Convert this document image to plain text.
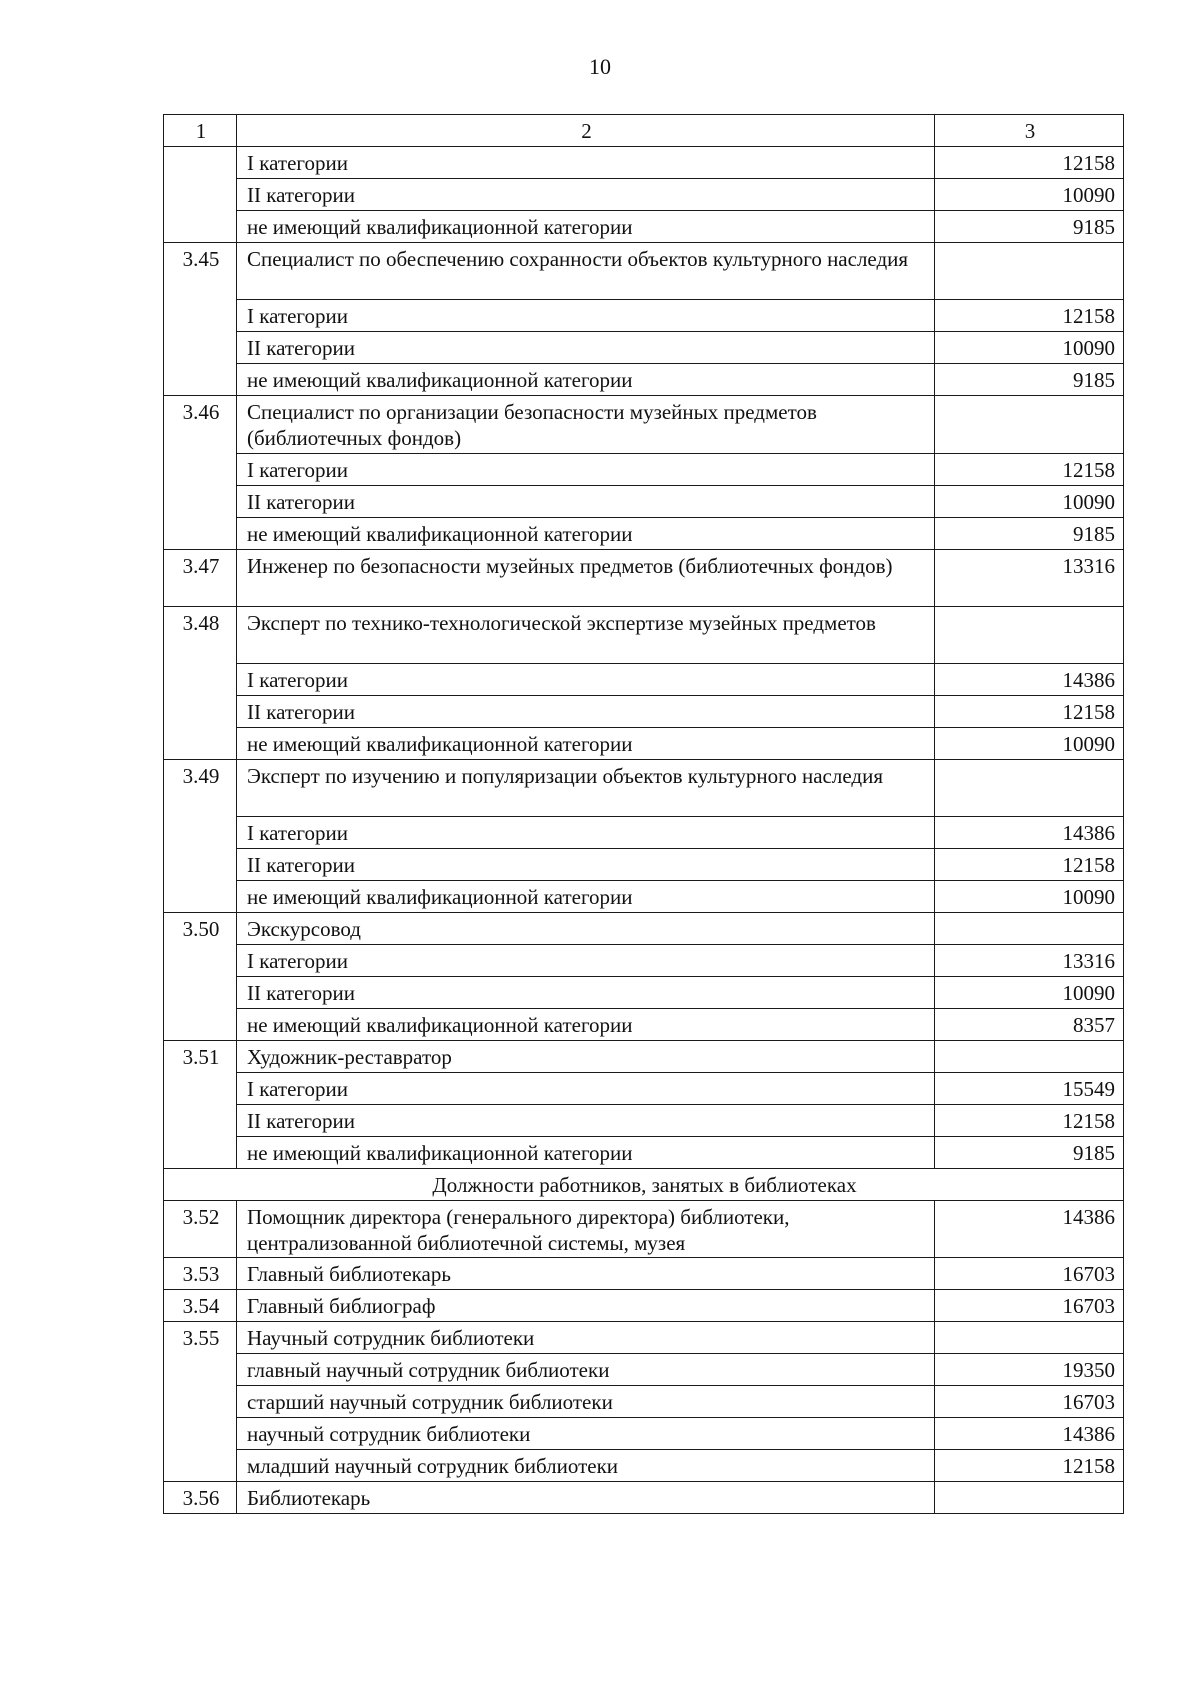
10
1	2	3
	I категории	12158
	II категории	10090
	не имеющий квалификационной категории	9185
3.45	Специалист по обеспечению сохранности объектов культурного наследия	
	I категории	12158
	II категории	10090
	не имеющий квалификационной категории	9185
3.46	Специалист по организации безопасности музейных предметов (библиотечных фондов)	
	I категории	12158
	II категории	10090
	не имеющий квалификационной категории	9185
3.47	Инженер по безопасности музейных предметов (библиотечных фондов)	13316
3.48	Эксперт по технико-технологической экспертизе музейных предметов	
	I категории	14386
	II категории	12158
	не имеющий квалификационной категории	10090
3.49	Эксперт по изучению и популяризации объектов культурного наследия	
	I категории	14386
	II категории	12158
	не имеющий квалификационной категории	10090
3.50	Экскурсовод	
	I категории	13316
	II категории	10090
	не имеющий квалификационной категории	8357
3.51	Художник-реставратор	
	I категории	15549
	II категории	12158
	не имеющий квалификационной категории	9185
Должности работников, занятых в библиотеках		
3.52	Помощник директора (генерального директора) библиотеки, централизованной библиотечной системы, музея	14386
3.53	Главный библиотекарь	16703
3.54	Главный библиограф	16703
3.55	Научный сотрудник библиотеки	
	главный научный сотрудник библиотеки	19350
	старший научный сотрудник библиотеки	16703
	научный сотрудник библиотеки	14386
	младший научный сотрудник библиотеки	12158
3.56	Библиотекарь	
